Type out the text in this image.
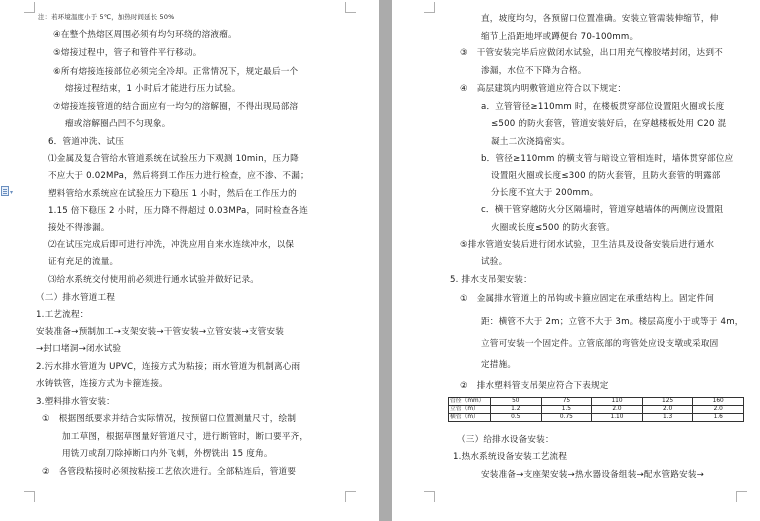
注：若环境温度小于 5℃，加热时间延长 50%
④在整个热熔区周围必须有均匀环绕的溶液瘤。
⑤熔接过程中，管子和管件平行移动。
⑥所有熔接连接部位必须完全冷却。正常情况下，规定最后一个
熔接过程结束，1 小时后才能进行压力试验。
⑦熔接连接管道的结合面应有一均匀的溶解圈，不得出现局部溶
瘤或溶解圈凸凹不匀现象。
6．管道冲洗、试压
⑴金属及复合管给水管道系统在试验压力下观测 10min，压力降
不应大于 0.02MPa，然后将到工作压力进行检查，应不渗、不漏；
塑料管给水系统应在试验压力下稳压 1 小时，然后在工作压力的
1.15 倍下稳压 2 小时，压力降不得超过 0.03MPa，同时检查各连
接处不得渗漏。
⑵在试压完成后即可进行冲洗，冲洗应用自来水连续冲水，以保
证有充足的流量。
⑶给水系统交付使用前必须进行通水试验并做好记录。
（二）排水管道工程
1.工艺流程：
安装准备→预制加工→支架安装→干管安装→立管安装→支管安装
→封口堵洞→闭水试验
2.污水排水管道为 UPVC，连接方式为粘接；雨水管道为机制离心雨
水铸铁管，连接方式为卡箍连接。
3.塑料排水管安装：
①　根据图纸要求并结合实际情况，按预留口位置测量尺寸，绘制
加工草图，根据草图量好管道尺寸，进行断管时，断口要平齐，
用铣刀或刮刀除掉断口内外飞刺，外楞铣出 15 度角。
②　各管段粘接时必须按粘接工艺依次进行。全部粘连后，管道要
▾
直，坡度均匀，各预留口位置准确。安装立管需装伸缩节，伸
缩节上沿距地坪或蹲便台 70-100mm。
③　干管安装完毕后应做闭水试验，出口用充气橡胶堵封闭，达到不
渗漏，水位不下降为合格。
④　高层建筑内明敷管道应符合以下规定：
a．立管管径≥110mm 时，在楼板贯穿部位设置阻火圈或长度
≤500 的防火套管，管道安装好后，在穿越楼板处用 C20 混
凝土二次浇捣密实。
b．管径≥110mm 的横支管与暗设立管相连时，墙体贯穿部位应
设置阻火圈或长度≤300 的防火套管，且防火套管的明露部
分长度不宜大于 200mm。
c．横干管穿越防火分区隔墙时，管道穿越墙体的两侧应设置阻
火圈或长度≤500 的防火套管。
⑤排水管道安装后进行闭水试验，卫生洁具及设备安装后进行通水
试验。
5. 排水支吊架安装：
①　金属排水管道上的吊钩或卡箍应固定在承重结构上。固定件间
距：横管不大于 2m；立管不大于 3m。楼层高度小于或等于 4m，
立管可安装一个固定件。立管底部的弯管处应设支墩或采取固
定措施。
②　排水塑料管支吊架应符合下表规定
（三）给排水设备安装：
1.热水系统设备安装工艺流程
安装准备→支座架安装→热水器设备组装→配水管路安装→
管径（mm）	50	75	110	125	160
立管（m）	1.2	1.5	2.0	2.0	2.0
横管（m）	0.5	0.75	1.10	1.3	1.6
